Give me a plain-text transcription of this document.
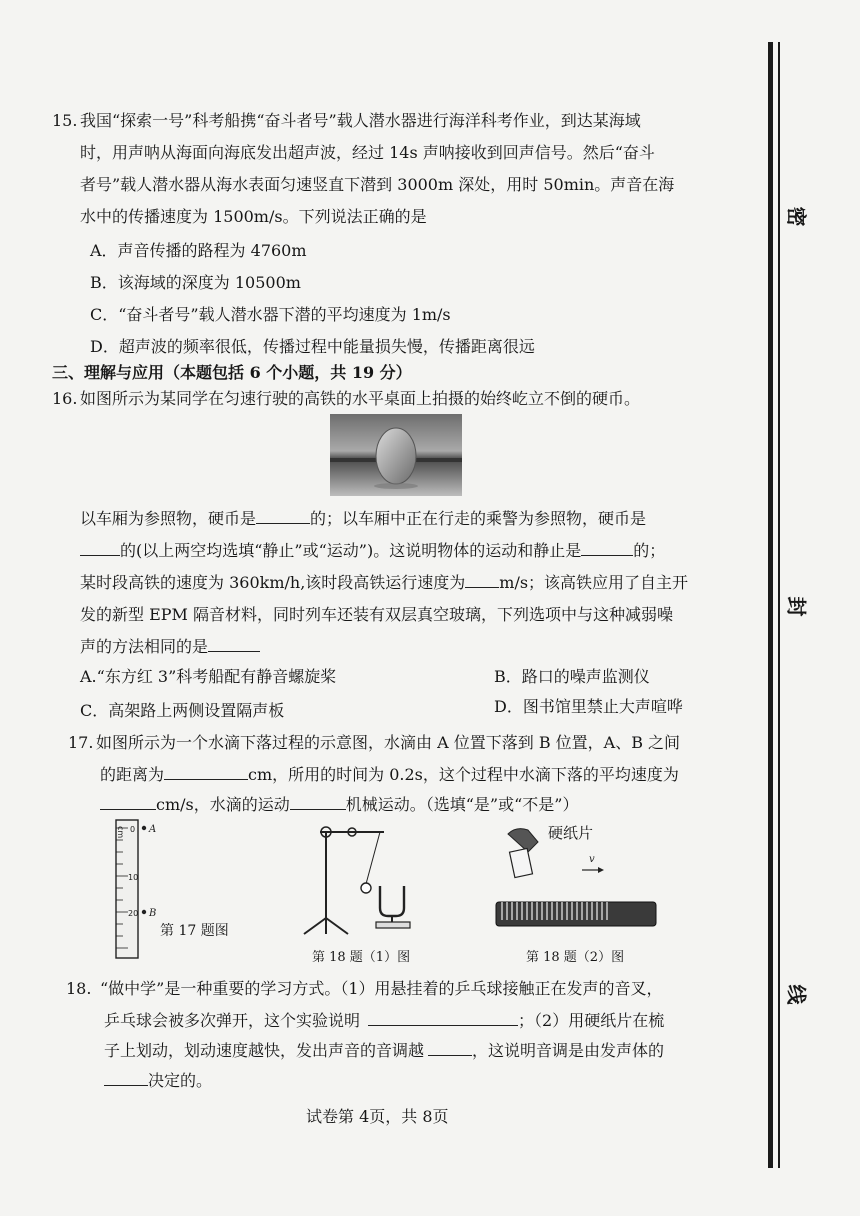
密
封
线
15. 我国“探索一号”科考船携“奋斗者号”载人潜水器进行海洋科考作业，到达某海域
时，用声呐从海面向海底发出超声波，经过 14s 声呐接收到回声信号。然后“奋斗
者号”载人潜水器从海水表面匀速竖直下潜到 3000m 深处，用时 50min。声音在海
水中的传播速度为 1500m/s。下列说法正确的是
A．声音传播的路程为 4760m
B．该海域的深度为 10500m
C．“奋斗者号”载人潜水器下潜的平均速度为 1m/s
D．超声波的频率很低，传播过程中能量损失慢，传播距离很远
三、理解与应用（本题包括 6 个小题，共 19 分）
16. 如图所示为某同学在匀速行驶的高铁的水平桌面上拍摄的始终屹立不倒的硬币。
以车厢为参照物，硬币是	的；以车厢中正在行走的乘警为参照物，硬币是
的(以上两空均选填“静止”或“运动”)。这说明物体的运动和静止是	的；
某时段高铁的速度为 360km/h,该时段高铁运行速度为 m/s；该高铁应用了自主开
发的新型 EPM 隔音材料，同时列车还装有双层真空玻璃，下列选项中与这种减弱噪
声的方法相同的是
A.“东方红 3”科考船配有静音螺旋桨	B．路口的噪声监测仪
C．高架路上两侧设置隔声板	D．图书馆里禁止大声喧哗
17. 如图所示为一个水滴下落过程的示意图，水滴由 A 位置下落到 B 位置，A、B 之间
的距离为	cm，所用的时间为 0.2s，这个过程中水滴下落的平均速度为
cm/s，水滴的运动	机械运动。（选填“是”或“不是”）
cm 0
10
20
A
B
第 17 题图
第 18 题（1）图
v
硬纸片
第 18 题（2）图
18. “做中学”是一种重要的学习方式。（1）用悬挂着的乒乓球接触正在发声的音叉，
乒乓球会被多次弹开，这个实验说明	；（2）用硬纸片在梳
子上划动，划动速度越快，发出声音的音调越	，这说明音调是由发声体的
决定的。
试卷第 4页，共 8页
